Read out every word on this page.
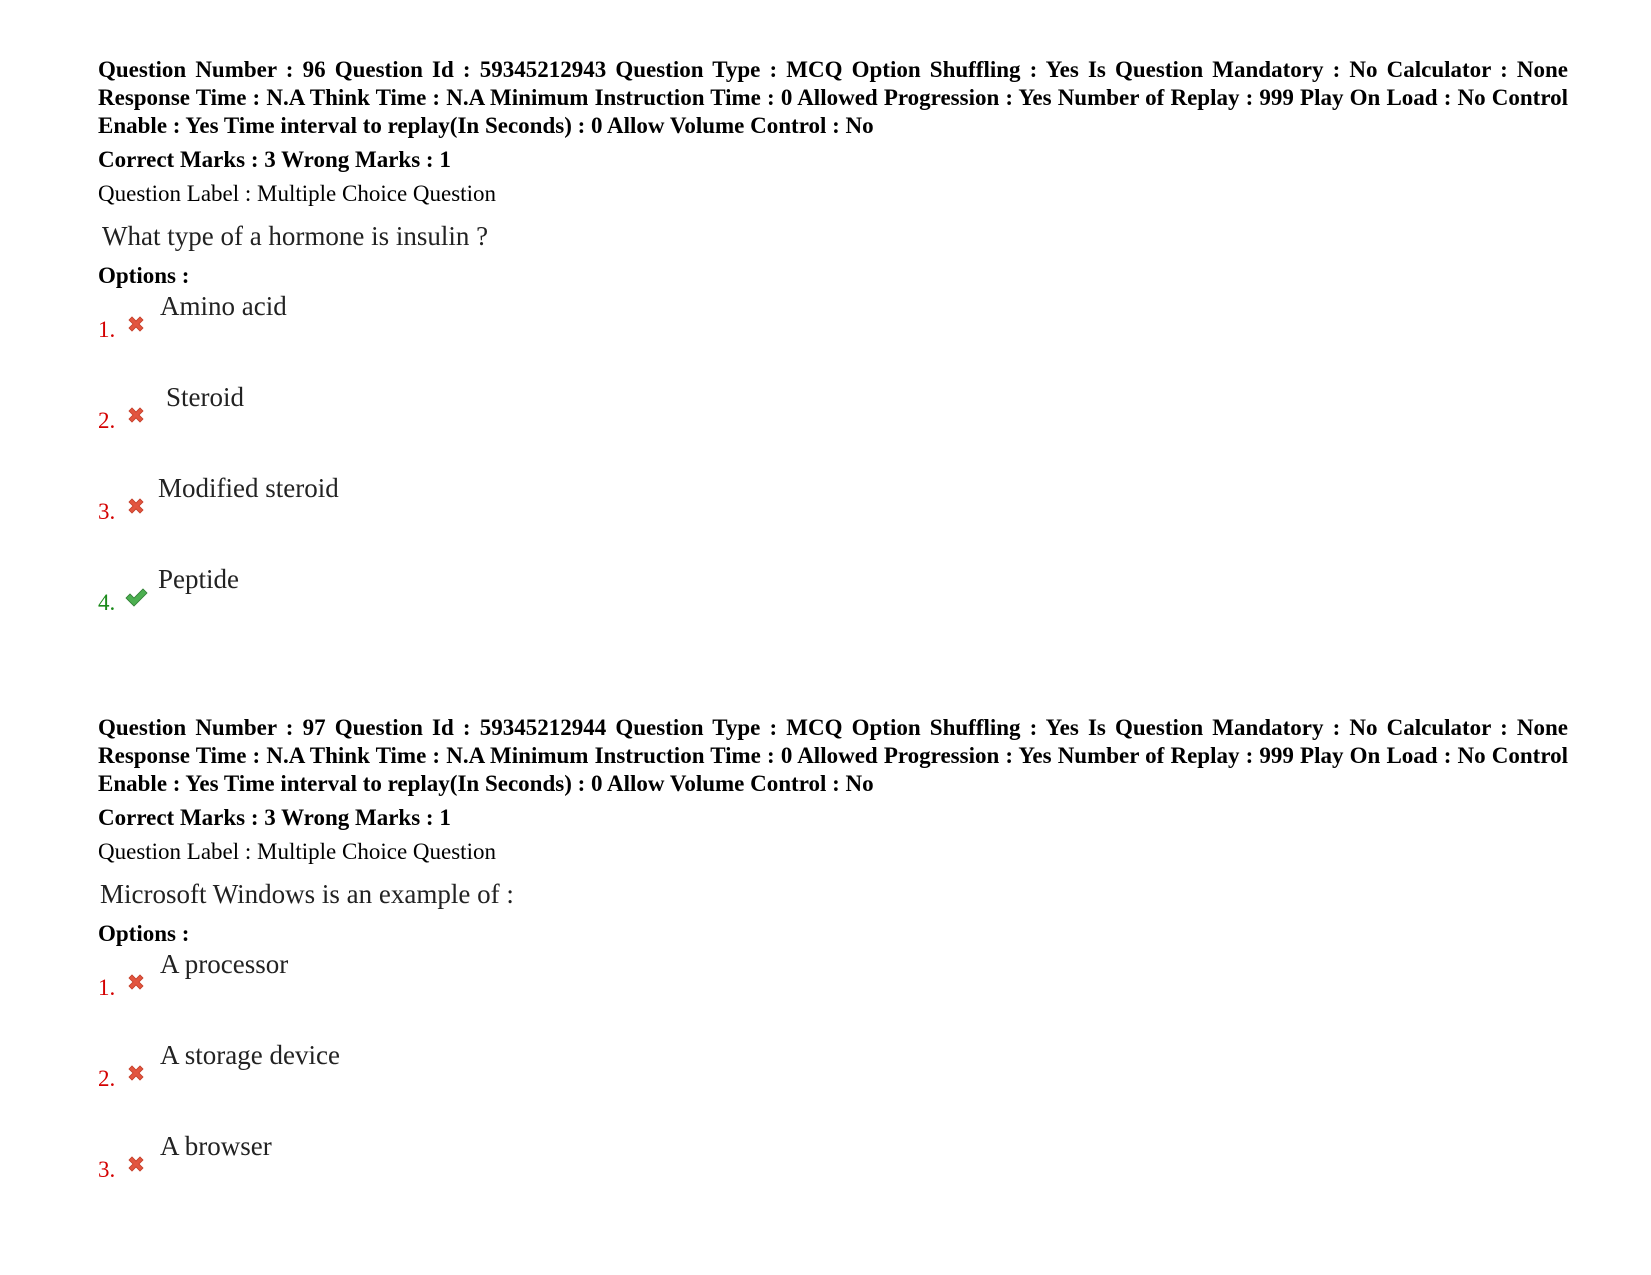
Question Number : 96 Question Id : 59345212943 Question Type : MCQ Option Shuffling : Yes Is Question Mandatory : No Calculator : None Response Time : N.A Think Time : N.A Minimum Instruction Time : 0 Allowed Progression : Yes Number of Replay : 999 Play On Load : No Control Enable : Yes Time interval to replay(In Seconds) : 0 Allow Volume Control : No

Correct Marks : 3 Wrong Marks : 1
Question Label : Multiple Choice Question
What type of a hormone is insulin ?
Options :
1.
Amino acid
2.
Steroid
3.
Modified steroid
4.
Peptide

Question Number : 97 Question Id : 59345212944 Question Type : MCQ Option Shuffling : Yes Is Question Mandatory : No Calculator : None Response Time : N.A Think Time : N.A Minimum Instruction Time : 0 Allowed Progression : Yes Number of Replay : 999 Play On Load : No Control Enable : Yes Time interval to replay(In Seconds) : 0 Allow Volume Control : No

Correct Marks : 3 Wrong Marks : 1
Question Label : Multiple Choice Question
Microsoft Windows is an example of :
Options :
1.
A processor
2.
A storage device
3.
A browser
